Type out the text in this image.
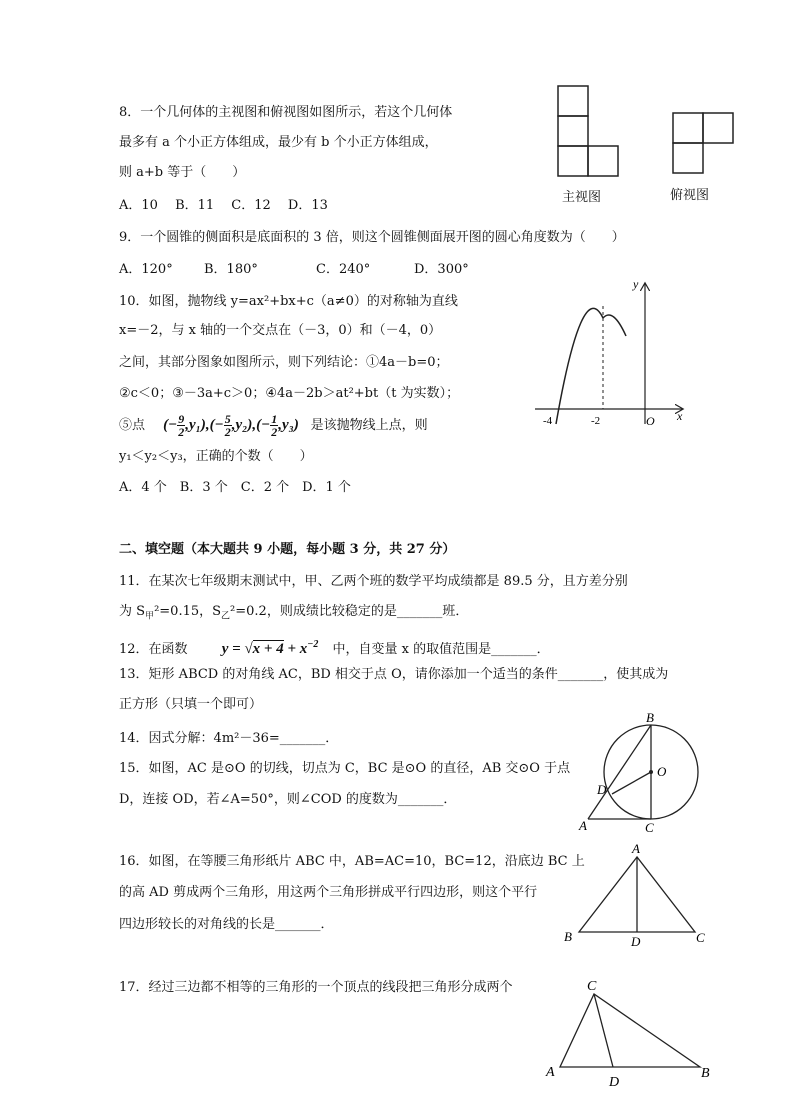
8．一个几何体的主视图和俯视图如图所示，若这个几何体
最多有 a 个小正方体组成，最少有 b 个小正方体组成，
则 a+b 等于（　　）
A．10　 B．11　 C．12　 D．13
主视图	俯视图
9．一个圆锥的侧面积是底面积的 3 倍，则这个圆锥侧面展开图的圆心角度数为（　　）
A．120° B．180°	C．240°	D．300°
10．如图，抛物线 y=ax²+bx+c（a≠0）的对称轴为直线
x=－2，与 x 轴的一个交点在（－3，0）和（－4，0）
之间，其部分图象如图所示，则下列结论：①4a－b=0；
②c＜0；③－3a+c＞0；④4a－2b＞at²+bt（t 为实数）；
⑤点 (− $\frac{9}{2} ,y_1),(- \frac{5}{2} ,y_2),(- \frac{1}{2} ,y_3)$ 是该抛物线上点，则
y₁＜y₂＜y₃，正确的个数（　　）
A．4 个　B．3 个　C．2 个　D．1 个
y
x
-4	-2	O
二、填空题（本大题共 9 小题，每小题 3 分，共 27 分）
11．在某次七年级期末测试中，甲、乙两个班的数学平均成绩都是 89.5 分，且方差分别
为 $S_甲^2=0.15$，$S_乙^2=0.2$，则成绩比较稳定的是_______班．
12．在函数 $y = √x + 4 + x^{-2}$ 中，自变量 x 的取值范围是_______．
13．矩形 ABCD 的对角线 AC，BD 相交于点 O，请你添加一个适当的条件_______，使其成为
正方形（只填一个即可）
14．因式分解：4m²－36=_______．
15．如图，AC 是⊙O 的切线，切点为 C，BC 是⊙O 的直径，AB 交⊙O 于点
D，连接 OD，若∠A=50°，则∠COD 的度数为_______．
B
O
D
A	C
16．如图，在等腰三角形纸片 ABC 中，AB=AC=10，BC=12，沿底边 BC 上
的高 AD 剪成两个三角形，用这两个三角形拼成平行四边形，则这个平行
四边形较长的对角线的长是_______．
A
B	D	C
17．经过三边都不相等的三角形的一个顶点的线段把三角形分成两个	C
A
D
B
